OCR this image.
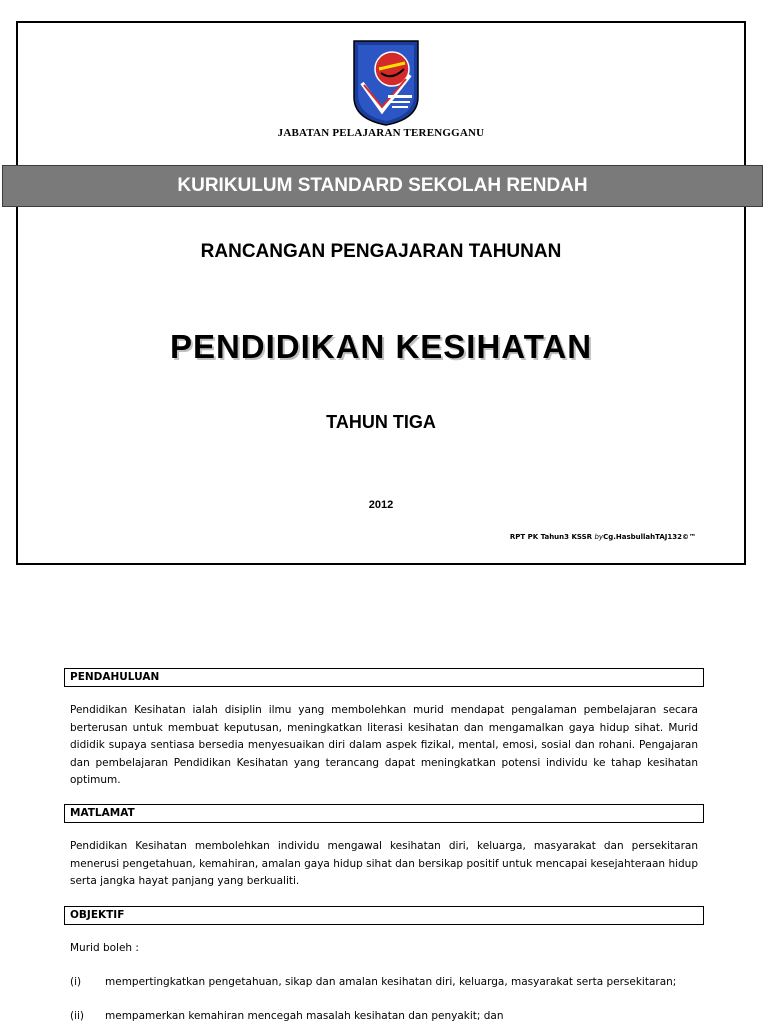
JABATAN PELAJARAN TERENGGANU
RANCANGAN PENGAJARAN TAHUNAN
PENDIDIKAN KESIHATAN
TAHUN TIGA
2012
RPT PK Tahun3 KSSR byCg.HasbullahTAJ132©™
KURIKULUM STANDARD SEKOLAH RENDAH
PENDAHULUAN
Pendidikan Kesihatan ialah disiplin ilmu yang membolehkan murid mendapat pengalaman pembelajaran secara berterusan untuk membuat keputusan, meningkatkan literasi kesihatan dan mengamalkan gaya hidup sihat. Murid dididik supaya sentiasa bersedia menyesuaikan diri dalam aspek fizikal, mental, emosi, sosial dan rohani. Pengajaran dan pembelajaran Pendidikan Kesihatan yang terancang dapat meningkatkan potensi individu ke tahap kesihatan optimum.
MATLAMAT
Pendidikan Kesihatan membolehkan individu mengawal kesihatan diri, keluarga, masyarakat dan persekitaran menerusi pengetahuan, kemahiran, amalan gaya hidup sihat dan bersikap positif untuk mencapai kesejahteraan hidup serta jangka hayat panjang yang berkualiti.
OBJEKTIF
Murid boleh :
(i) mempertingkatkan pengetahuan, sikap dan amalan kesihatan diri, keluarga, masyarakat serta persekitaran;
(ii) mempamerkan kemahiran mencegah masalah kesihatan dan penyakit; dan
